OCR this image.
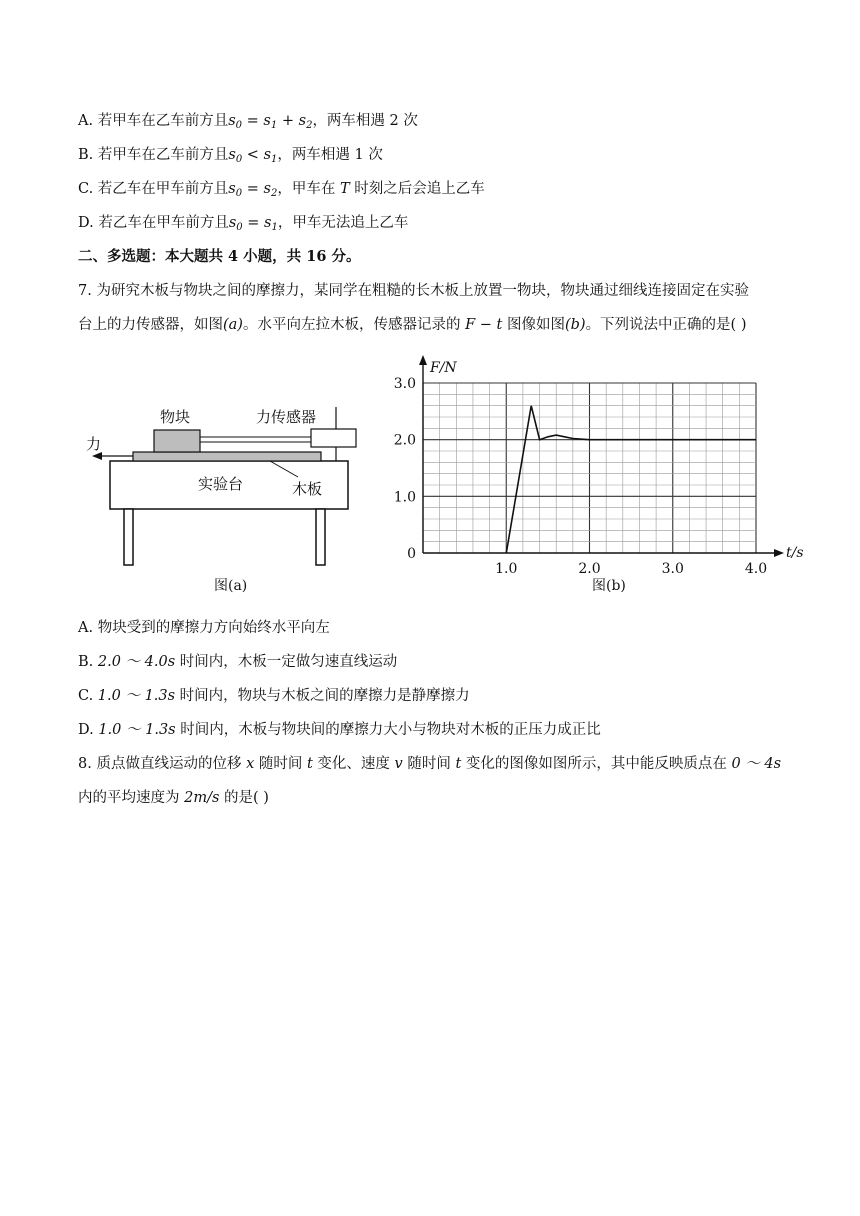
A. 若甲车在乙车前方且$s_0 = s_1 + s_2$，两车相遇 2 次
B. 若甲车在乙车前方且$s_0 < s_1$，两车相遇 1 次
C. 若乙车在甲车前方且$s_0 = s_2$，甲车在 T 时刻之后会追上乙车
D. 若乙车在甲车前方且$s_0 = s_1$，甲车无法追上乙车
二、多选题：本大题共 4 小题，共 16 分。
7. 为研究木板与物块之间的摩擦力，某同学在粗糙的长木板上放置一物块，物块通过细线连接固定在实验
台上的力传感器，如图(a)。水平向左拉木板，传感器记录的 F − t 图像如图(b)。下列说法中正确的是( )
物块	力传感器
力
实验台	木板
图(a)
t/s
F/N
1.0	2.0	3.0	4.0
0
1.0
2.0
3.0
图(b)
A. 物块受到的摩擦力方向始终水平向左
B. 2.0 ～ 4.0s 时间内，木板一定做匀速直线运动
C. 1.0 ～ 1.3s 时间内，物块与木板之间的摩擦力是静摩擦力
D. 1.0 ～ 1.3s 时间内，木板与物块间的摩擦力大小与物块对木板的正压力成正比
8. 质点做直线运动的位移 x 随时间 t 变化、速度 v 随时间 t 变化的图像如图所示，其中能反映质点在 0 ～ 4s
内的平均速度为 2m/s 的是( )
